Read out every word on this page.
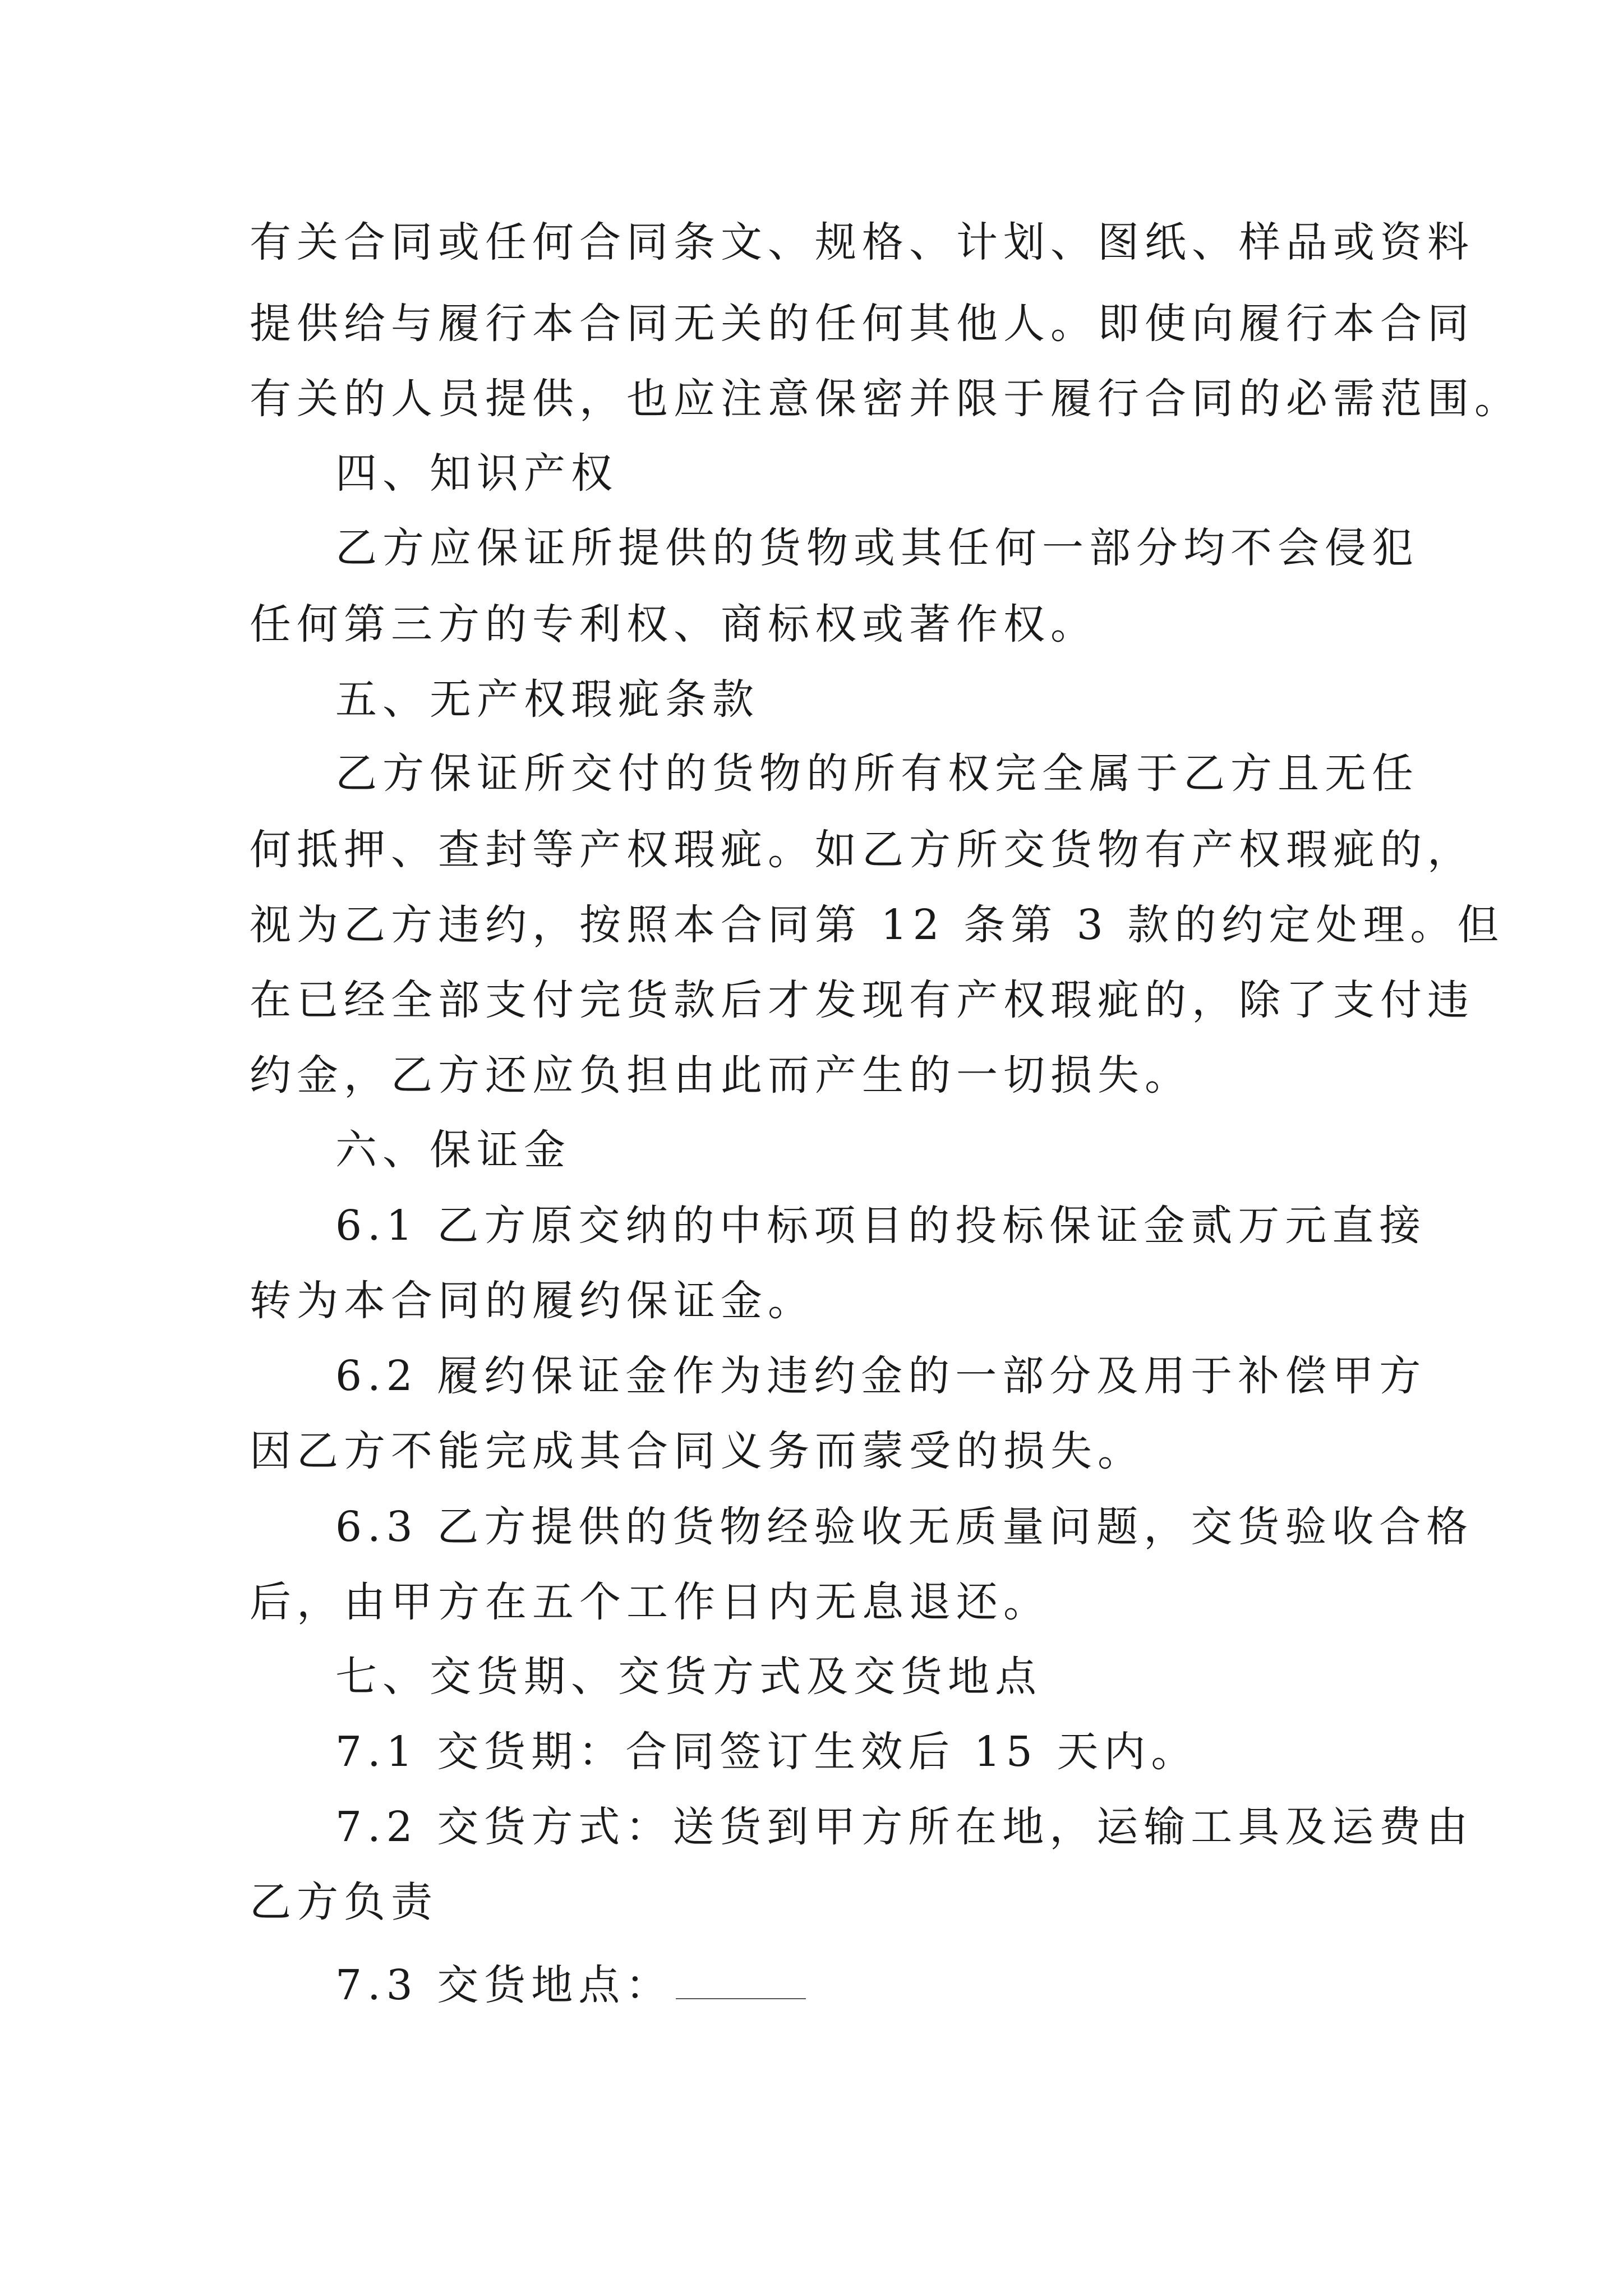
有关合同或任何合同条文、规格、计划、图纸、样品或资料
提供给与履行本合同无关的任何其他人。即使向履行本合同
有关的人员提供，也应注意保密并限于履行合同的必需范围。
四、知识产权
乙方应保证所提供的货物或其任何一部分均不会侵犯
任何第三方的专利权、商标权或著作权。
五、无产权瑕疵条款
乙方保证所交付的货物的所有权完全属于乙方且无任
何抵押、查封等产权瑕疵。如乙方所交货物有产权瑕疵的，
视为乙方违约，按照本合同第 12 条第 3 款的约定处理。但
在已经全部支付完货款后才发现有产权瑕疵的，除了支付违
约金，乙方还应负担由此而产生的一切损失。
六、保证金
6.1 乙方原交纳的中标项目的投标保证金贰万元直接
转为本合同的履约保证金。
6.2 履约保证金作为违约金的一部分及用于补偿甲方
因乙方不能完成其合同义务而蒙受的损失。
6.3 乙方提供的货物经验收无质量问题，交货验收合格
后，由甲方在五个工作日内无息退还。
七、交货期、交货方式及交货地点
7.1 交货期：合同签订生效后 15 天内。
7.2 交货方式：送货到甲方所在地，运输工具及运费由
乙方负责
7.3 交货地点：
